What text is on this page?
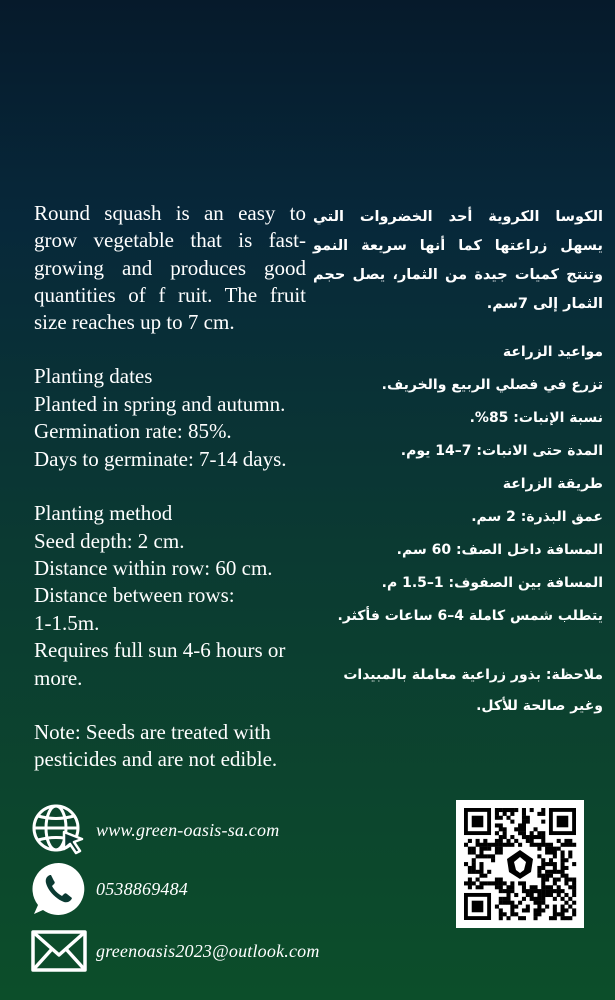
Round squash is an easy to grow vegetable that is fast-growing and produces good quantities of f ruit. The fruit size reaches up to 7 cm.

Planting dates
Planted in spring and autumn.
Germination rate: 85%.
Days to germinate: 7-14 days.
Planting method
Seed depth: 2 cm.
Distance within row: 60 cm.
Distance between rows:
1-1.5m.
Requires full sun 4-6 hours or
more.
Note: Seeds are treated with
pesticides and are not edible.

الكوسا الكروية أحد الخضروات التي يسهل زراعتها كما أنها سريعة النمو وتنتج كميات جيدة من الثمار، يصل حجم الثمار إلى 7سم.

مواعيد الزراعة
تزرع في فصلي الربيع والخريف.
نسبة الإنبات: 85%.
المدة حتى الانبات: 7–14 يوم.
طريقة الزراعة
عمق البذرة: 2 سم.
المسافة داخل الصف: 60 سم.
المسافة بين الصفوف: 1–1.5 م.
يتطلب شمس كاملة 4–6 ساعات فأكثر.

ملاحظة: بذور زراعية معاملة بالمبيدات وغير صالحة للأكل.

www.green-oasis-sa.com
0538869484
greenoasis2023@outlook.com
